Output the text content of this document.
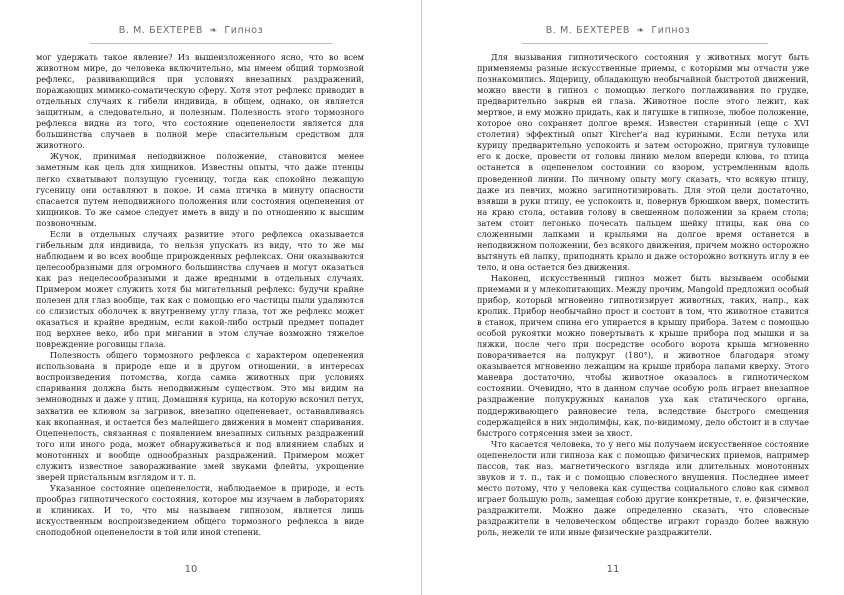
В. М. БЕХТЕРЕВ ❧ Гипноз

мог удержать такое явление? Из вышеизложенного ясно, что во всем животном мире, до человека включительно, мы имеем общий тормозной рефлекс, развивающийся при условиях внезапных раздражений, поражающих мимико-соматическую сферу. Хотя этот рефлекс приводит в отдельных случаях к гибели индивида, в общем, однако, он является защитным, а следовательно, и полезным. Полезность этого тормозного рефлекса видна из того, что состояние оцепенелости является для большинства случаев в полной мере спасительным средством для животного.

Жучок, принимая неподвижное положение, становится менее заметным как цель для хищников. Известны опыты, что даже птенцы легко схватывают ползущую гусеницу, тогда как спокойно лежащую гусеницу они оставляют в покое. И сама птичка в минуту опасности спасается путем неподвижного положения или состояния оцепенения от хищников. То же самое следует иметь в виду и по отношению к высшим позвоночным.

Если в отдельных случаях развитие этого рефлекса оказывается гибельным для индивида, то нельзя упускать из виду, что то же мы наблюдаем и во всех вообще прирожденных рефлексах. Они оказываются целесообразными для огромного большинства случаев и могут оказаться как раз нецелесообразными и даже вредными в отдельных случаях. Примером может служить хотя бы мигательный рефлекс: будучи крайне полезен для глаз вообще, так как с помощью его частицы пыли удаляются со слизистых оболочек к внутреннему углу глаза, тот же рефлекс может оказаться и крайне вредным, если какой-либо острый предмет попадет под верхнее веко, ибо при мигании в этом случае возможно тяжелое повреждение роговицы глаза.

Полезность общего тормозного рефлекса с характером оцепенения использована в природе еще и в другом отношении, в интересах воспроизведения потомства, когда самка животных при условиях спаривания должна быть неподвижным существом. Это мы видим на земноводных и даже у птиц. Домашняя курица, на которую вскочил петух, захватив ее клювом за загривок, внезапно оцепеневает, останавливаясь как вкопанная, и остается без малейшего движения в момент спаривания. Оцепенелость, связанная с появлением внезапных сильных раздражений того или иного рода, может обнаруживаться и под влиянием слабых и монотонных и вообще однообразных раздражений. Примером может служить известное завораживание змей звуками флейты, укрощение зверей пристальным взглядом и т. п.

Указанное состояние оцепенелости, наблюдаемое в природе, и есть прообраз гипнотического состояния, которое мы изучаем в лабораториях и клиниках. И то, что мы называем гипнозом, является лишь искусственным воспроизведением общего тормозного рефлекса в виде сноподобной оцепенелости в той или иной степени.

10
В. М. БЕХТЕРЕВ ❧ Гипноз

Для вызывания гипнотического состояния у животных могут быть применяемы разные искусственные приемы, с которыми мы отчасти уже познакомились. Ящерицу, обладающую необычайной быстротой движений, можно ввести в гипноз с помощью легкого поглаживания по грудке, предварительно закрыв ей глаза. Животное после этого лежит, как мертвое, и ему можно придать, как и лягушке в гипнозе, любое положение, которое оно сохраняет долгое время. Известен старинный (еще с XVI столетия) эффектный опыт Kircher'а над куриными. Если петуха или курицу предварительно успокоить и затем осторожно, пригнув туловище его к доске, провести от головы линию мелом впереди клюва, то птица останется в оцепенелом состоянии со взором, устремленным вдоль проведенной линии. По личному опыту могу сказать, что всякую птицу, даже из певчих, можно загипнотизировать. Для этой цели достаточно, взявши в руки птицу, ее успокоить и, повернув брюшком вверх, поместить на краю стола, оставив голову в свешенном положении за краем стола; затем стоит легонько почесать пальцем шейку птицы, как она со сложенными лапками и крыльями на долгое время останется в неподвижном положении, без всякого движения, причем можно осторожно вытянуть ей лапку, приподнять крыло и даже осторожно воткнуть иглу в ее тело, и она остается без движения.

Наконец, искусственный гипноз может быть вызываем особыми приемами и у млекопитающих. Между прочим, Mangold предложил особый прибор, который мгновенно гипнотизирует животных, таких, напр., как кролик. Прибор необычайно прост и состоит в том, что животное ставится в станок, причем спина его упирается в крышу прибора. Затем с помощью особой рукоятки можно повертывать к крыше прибора под мышки и за ляжки, после чего при посредстве особого ворота крыша мгновенно поворачивается на полукруг (180°), и животное благодаря этому оказывается мгновенно лежащим на крыше прибора лапами кверху. Этого маневра достаточно, чтобы животное оказалось в гипнотическом состоянии. Очевидно, что в данном случае особую роль играет внезапное раздражение полукружных каналов уха как статического органа, поддерживающего равновесие тела, вследствие быстрого смещения содержащейся в них эндолимфы, как, по-видимому, дело обстоит и в случае быстрого сотрясения змеи за хвост.

Что касается человека, то у него мы получаем искусственное состояние оцепенелости или гипноза как с помощью физических приемов, например пассов, так наз. магнетического взгляда или длительных монотонных звуков и т. п., так и с помощью словесного внушения. Последнее имеет место потому, что у человека как существа социального слово как символ играет большую роль, замещая собою другие конкретные, т. е. физические, раздражители. Можно даже определенно сказать, что словесные раздражители в человеческом обществе играют гораздо более важную роль, нежели те или иные физические раздражители.

11
